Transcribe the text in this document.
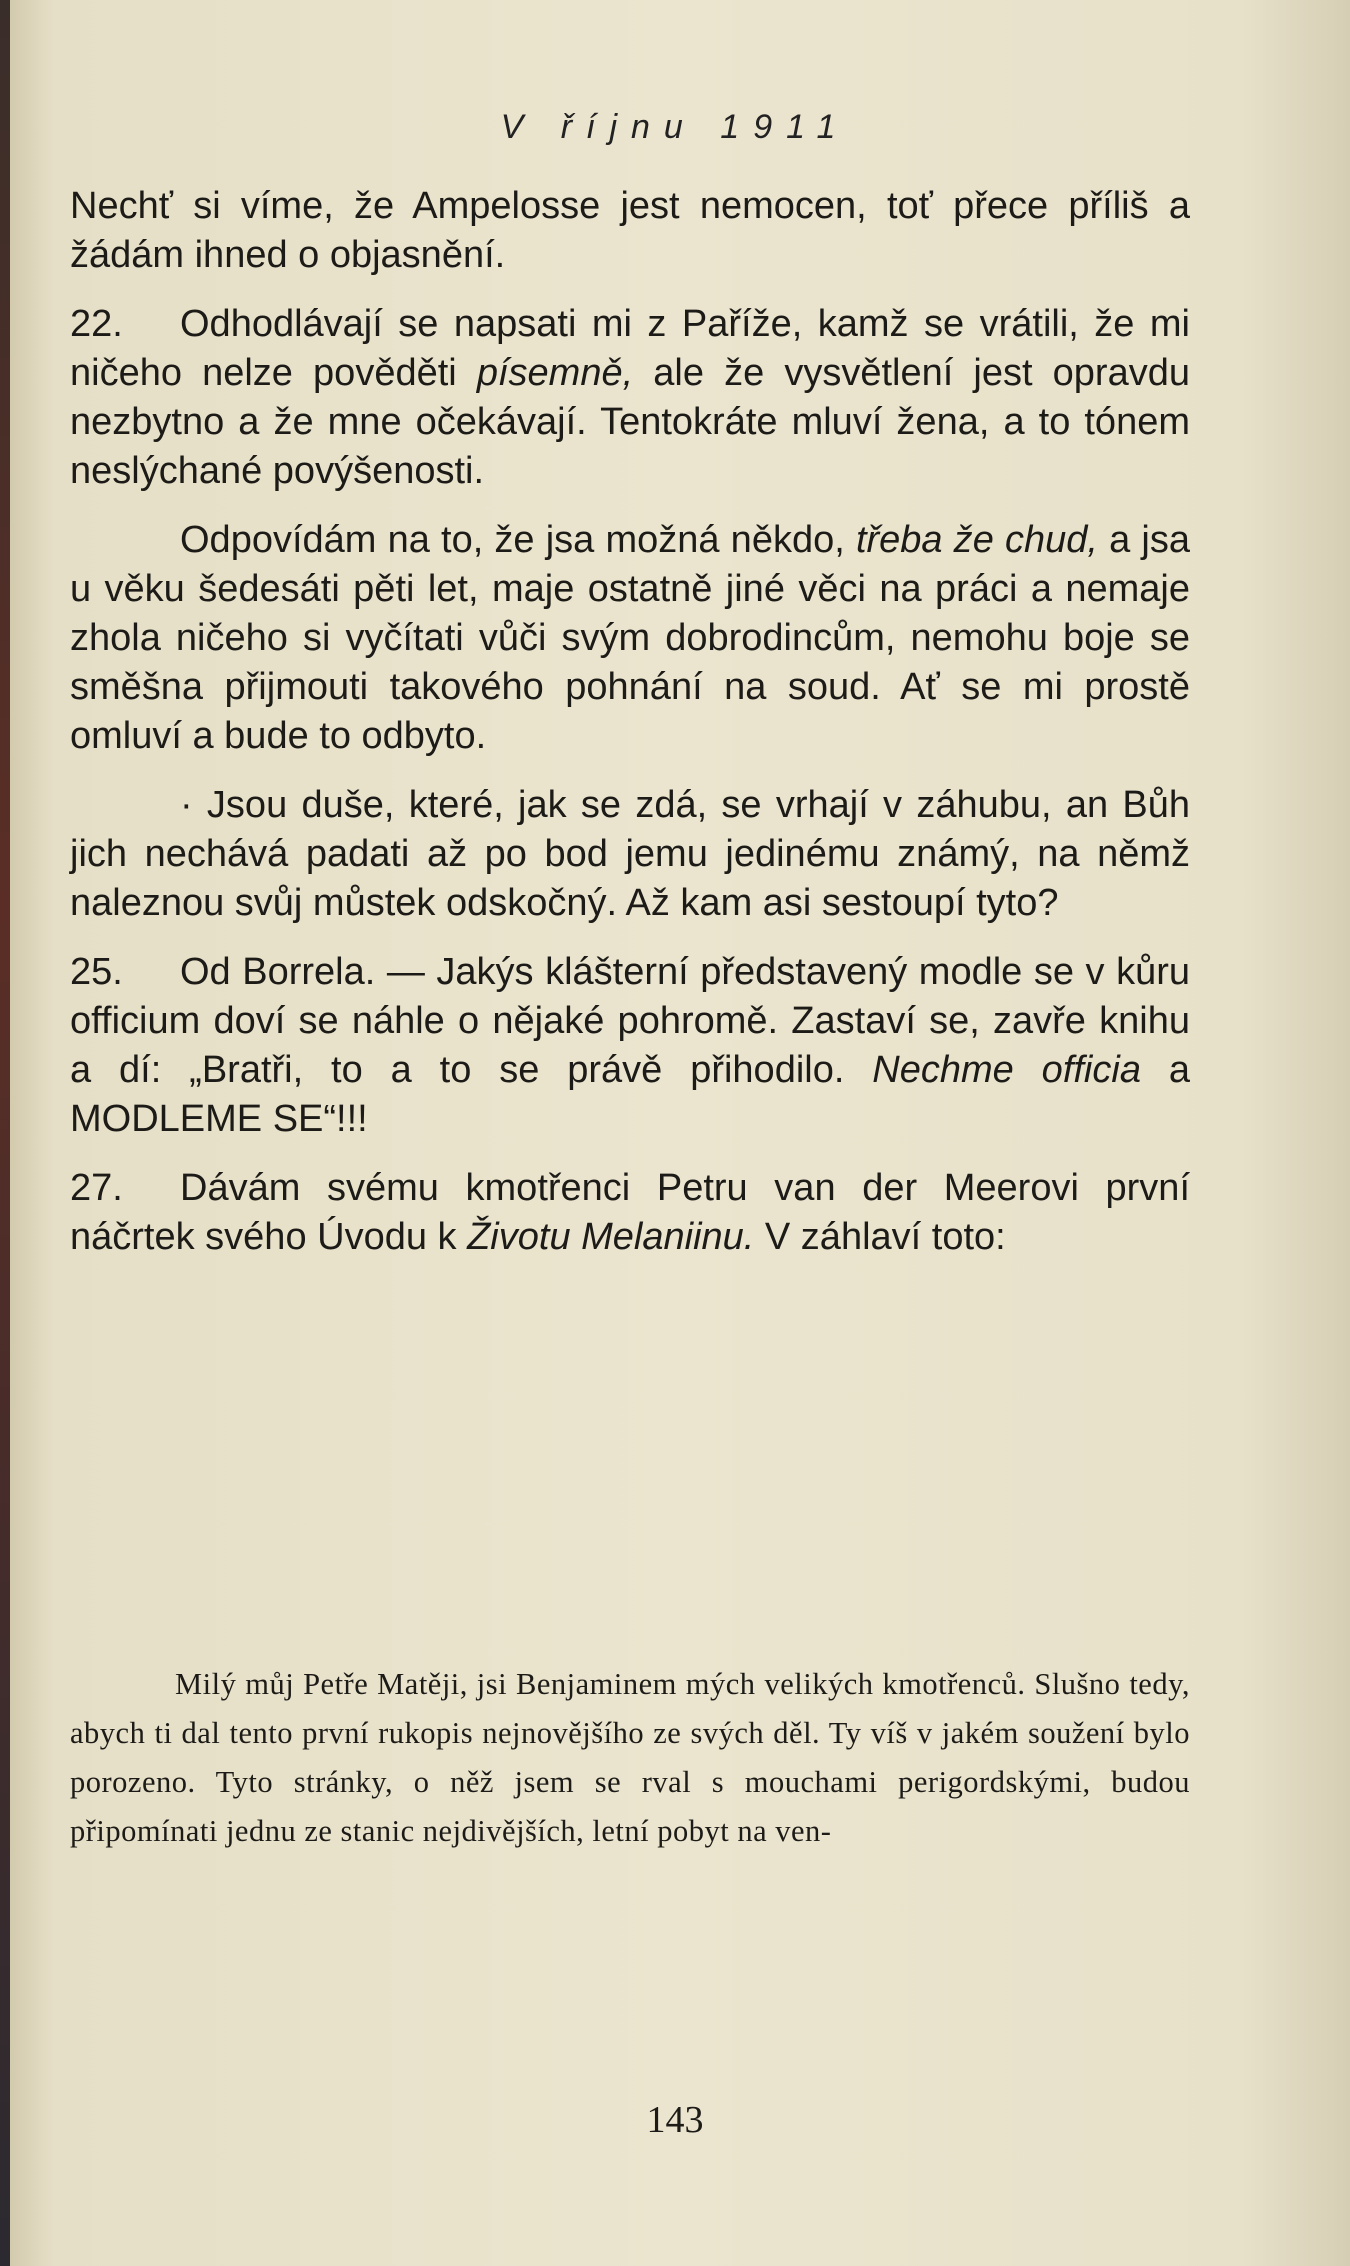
V říjnu 1911

Nechť si víme, že Ampelosse jest nemocen, toť přece příliš a žádám ihned o objasnění.

22. Odhodlávají se napsati mi z Paříže, kamž se vrátili, že mi ničeho nelze pověděti písemně, ale že vysvětlení jest opravdu nezbytno a že mne očekávají. Tentokráte mluví žena, a to tónem neslýchané povýšenosti.

Odpovídám na to, že jsa možná někdo, třeba že chud, a jsa u věku šedesáti pěti let, maje ostatně jiné věci na práci a nemaje zhola ničeho si vyčítati vůči svým dobrodincům, nemohu boje se směšna přijmouti takového pohnání na soud. Ať se mi prostě omluví a bude to odbyto.

· Jsou duše, které, jak se zdá, se vrhají v záhubu, an Bůh jich nechává padati až po bod jemu jedinému známý, na němž naleznou svůj můstek odskočný. Až kam asi sestoupí tyto?

25. Od Borrela. — Jakýs klášterní představený modle se v kůru officium doví se náhle o nějaké pohromě. Zastaví se, zavře knihu a dí: „Bratři, to a to se právě přihodilo. Nechme officia a MODLEME SE“!!!

27. Dávám svému kmotřenci Petru van der Meerovi první náčrtek svého Úvodu k Životu Melaniinu. V záhlaví toto:

Milý můj Petře Matěji, jsi Benjaminem mých velikých kmotřenců. Slušno tedy, abych ti dal tento první rukopis nejnovějšího ze svých děl. Ty víš v jakém soužení bylo porozeno. Tyto stránky, o něž jsem se rval s mouchami perigordskými, budou připomínati jednu ze stanic nejdivějších, letní pobyt na ven-
143
